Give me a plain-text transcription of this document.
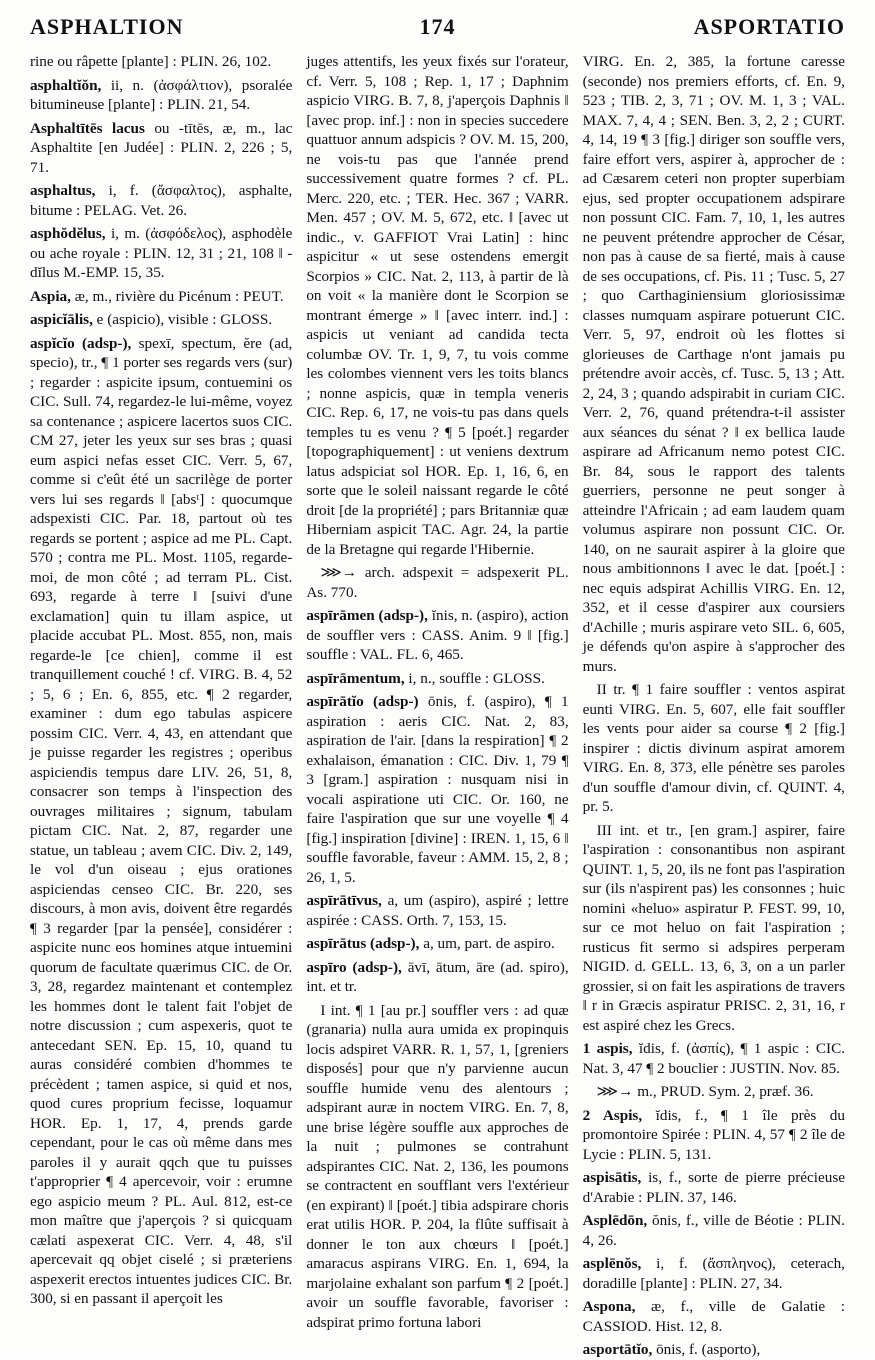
ASPHALTION	174	ASPORTATIO

rine ou râpette [plante] : PLIN. 26, 102.

asphaltĭŏn, ii, n. (ἀσφάλτιον), psoralée bitumineuse [plante] : PLIN. 21, 54.

Asphaltītēs lacus ou -tītēs, æ, m., lac Asphaltite [en Judée] : PLIN. 2, 226 ; 5, 71.

asphaltus, i, f. (ἄσφαλτος), asphalte, bitume : PELAG. Vet. 26.

asphŏdĕlus, i, m. (ἀσφόδελος), asphodèle ou ache royale : PLIN. 12, 31 ; 21, 108 ‖ -dĭlus M.-EMP. 15, 35.

Aspia, æ, m., rivière du Picénum : PEUT.

aspicĭālis, e (aspicio), visible : GLOSS.

aspĭcĭo (adsp-), spexī, spectum, ĕre (ad, specio), tr., ¶ 1 porter ses regards vers (sur) ; regarder : aspicite ipsum, contuemini os CIC. Sull. 74, regardez-le lui-même, voyez sa contenance ; aspicere lacertos suos CIC. CM 27, jeter les yeux sur ses bras ; quasi eum aspici nefas esset CIC. Verr. 5, 67, comme si c'eût été un sacrilège de porter vers lui ses regards ‖ [absᵗ] : quocumque adspexisti CIC. Par. 18, partout où tes regards se portent ; aspice ad me PL. Capt. 570 ; contra me PL. Most. 1105, regarde-moi, de mon côté ; ad terram PL. Cist. 693, regarde à terre ‖ [suivi d'une exclamation] quin tu illam aspice, ut placide accubat PL. Most. 855, non, mais regarde-le [ce chien], comme il est tranquillement couché ! cf. VIRG. B. 4, 52 ; 5, 6 ; En. 6, 855, etc. ¶ 2 regarder, examiner : dum ego tabulas aspicere possim CIC. Verr. 4, 43, en attendant que je puisse regarder les registres ; operibus aspiciendis tempus dare LIV. 26, 51, 8, consacrer son temps à l'inspection des ouvrages militaires ; signum, tabulam pictam CIC. Nat. 2, 87, regarder une statue, un tableau ; avem CIC. Div. 2, 149, le vol d'un oiseau ; ejus orationes aspiciendas censeo CIC. Br. 220, ses discours, à mon avis, doivent être regardés ¶ 3 regarder [par la pensée], considérer : aspicite nunc eos homines atque intuemini quorum de facultate quærimus CIC. de Or. 3, 28, regardez maintenant et contemplez les hommes dont le talent fait l'objet de notre discussion ; cum aspexeris, quot te antecedant SEN. Ep. 15, 10, quand tu auras considéré combien d'hommes te précèdent ; tamen aspice, si quid et nos, quod cures proprium fecisse, loquamur HOR. Ep. 1, 17, 4, prends garde cependant, pour le cas où même dans mes paroles il y aurait qqch que tu puisses t'approprier ¶ 4 apercevoir, voir : erumne ego aspicio meum ? PL. Aul. 812, est-ce mon maître que j'aperçois ? si quicquam cælati aspexerat CIC. Verr. 4, 48, s'il apercevait qq objet ciselé ; si præteriens aspexerit erectos intuentes judices CIC. Br. 300, si en passant il aperçoit les

juges attentifs, les yeux fixés sur l'orateur, cf. Verr. 5, 108 ; Rep. 1, 17 ; Daphnim aspicio VIRG. B. 7, 8, j'aperçois Daphnis ‖ [avec prop. inf.] : non in species succedere quattuor annum adspicis ? OV. M. 15, 200, ne vois-tu pas que l'année prend successivement quatre formes ? cf. PL. Merc. 220, etc. ; TER. Hec. 367 ; VARR. Men. 457 ; OV. M. 5, 672, etc. ‖ [avec ut indic., v. GAFFIOT Vrai Latin] : hinc aspicitur « ut sese ostendens emergit Scorpios » CIC. Nat. 2, 113, à partir de là on voit « la manière dont le Scorpion se montrant émerge » ‖ [avec interr. ind.] : aspicis ut veniant ad candida tecta columbæ OV. Tr. 1, 9, 7, tu vois comme les colombes viennent vers les toits blancs ; nonne aspicis, quæ in templa veneris CIC. Rep. 6, 17, ne vois-tu pas dans quels temples tu es venu ? ¶ 5 [poét.] regarder [topographiquement] : ut veniens dextrum latus adspiciat sol HOR. Ep. 1, 16, 6, en sorte que le soleil naissant regarde le côté droit [de la propriété] ; pars Britanniæ quæ Hiberniam aspicit TAC. Agr. 24, la partie de la Bretagne qui regarde l'Hibernie.

⋙→ arch. adspexit = adspexerit PL. As. 770.

aspīrāmen (adsp-), ĭnis, n. (aspiro), action de souffler vers : CASS. Anim. 9 ‖ [fig.] souffle : VAL. FL. 6, 465.

aspīrāmentum, i, n., souffle : GLOSS.

aspīrātĭo (adsp-) ōnis, f. (aspiro), ¶ 1 aspiration : aeris CIC. Nat. 2, 83, aspiration de l'air. [dans la respiration] ¶ 2 exhalaison, émanation : CIC. Div. 1, 79 ¶ 3 [gram.] aspiration : nusquam nisi in vocali aspiratione uti CIC. Or. 160, ne faire l'aspiration que sur une voyelle ¶ 4 [fig.] inspiration [divine] : IREN. 1, 15, 6 ‖ souffle favorable, faveur : AMM. 15, 2, 8 ; 26, 1, 5.

aspīrātīvus, a, um (aspiro), aspiré ; lettre aspirée : CASS. Orth. 7, 153, 15.

aspīrātus (adsp-), a, um, part. de aspiro.

aspīro (adsp-), āvī, ātum, āre (ad. spiro), int. et tr.

I int. ¶ 1 [au pr.] souffler vers : ad quæ (granaria) nulla aura umida ex propinquis locis adspiret VARR. R. 1, 57, 1, [greniers disposés] pour que n'y parvienne aucun souffle humide venu des alentours ; adspirant auræ in noctem VIRG. En. 7, 8, une brise légère souffle aux approches de la nuit ; pulmones se contrahunt adspirantes CIC. Nat. 2, 136, les poumons se contractent en soufflant vers l'extérieur (en expirant) ‖ [poét.] tibia adspirare choris erat utilis HOR. P. 204, la flûte suffisait à donner le ton aux chœurs ‖ [poét.] amaracus aspirans VIRG. En. 1, 694, la marjolaine exhalant son parfum ¶ 2 [poét.] avoir un souffle favorable, favoriser : adspirat primo fortuna labori

VIRG. En. 2, 385, la fortune caresse (seconde) nos premiers efforts, cf. En. 9, 523 ; TIB. 2, 3, 71 ; OV. M. 1, 3 ; VAL. MAX. 7, 4, 4 ; SEN. Ben. 3, 2, 2 ; CURT. 4, 14, 19 ¶ 3 [fig.] diriger son souffle vers, faire effort vers, aspirer à, approcher de : ad Cæsarem ceteri non propter superbiam ejus, sed propter occupationem adspirare non possunt CIC. Fam. 7, 10, 1, les autres ne peuvent prétendre approcher de César, non pas à cause de sa fierté, mais à cause de ses occupations, cf. Pis. 11 ; Tusc. 5, 27 ; quo Carthaginiensium gloriosissimæ classes numquam aspirare potuerunt CIC. Verr. 5, 97, endroit où les flottes si glorieuses de Carthage n'ont jamais pu prétendre avoir accès, cf. Tusc. 5, 13 ; Att. 2, 24, 3 ; quando adspirabit in curiam CIC. Verr. 2, 76, quand prétendra-t-il assister aux séances du sénat ? ‖ ex bellica laude aspirare ad Africanum nemo potest CIC. Br. 84, sous le rapport des talents guerriers, personne ne peut songer à atteindre l'Africain ; ad eam laudem quam volumus aspirare non possunt CIC. Or. 140, on ne saurait aspirer à la gloire que nous ambitionnons ‖ avec le dat. [poét.] : nec equis adspirat Achillis VIRG. En. 12, 352, et il cesse d'aspirer aux coursiers d'Achille ; muris aspirare veto SIL. 6, 605, je défends qu'on aspire à s'approcher des murs.

II tr. ¶ 1 faire souffler : ventos aspirat eunti VIRG. En. 5, 607, elle fait souffler les vents pour aider sa course ¶ 2 [fig.] inspirer : dictis divinum aspirat amorem VIRG. En. 8, 373, elle pénètre ses paroles d'un souffle d'amour divin, cf. QUINT. 4, pr. 5.

III int. et tr., [en gram.] aspirer, faire l'aspiration : consonantibus non aspirant QUINT. 1, 5, 20, ils ne font pas l'aspiration sur (ils n'aspirent pas) les consonnes ; huic nomini «heluo» aspiratur P. FEST. 99, 10, sur ce mot heluo on fait l'aspiration ; rusticus fit sermo si adspires perperam NIGID. d. GELL. 13, 6, 3, on a un parler grossier, si on fait les aspirations de travers ‖ r in Græcis aspiratur PRISC. 2, 31, 16, r est aspiré chez les Grecs.

1 aspis, ĭdis, f. (ἀσπίς), ¶ 1 aspic : CIC. Nat. 3, 47 ¶ 2 bouclier : JUSTIN. Nov. 85.

⋙→ m., PRUD. Sym. 2, præf. 36.

2 Aspis, ĭdis, f., ¶ 1 île près du promontoire Spirée : PLIN. 4, 57 ¶ 2 île de Lycie : PLIN. 5, 131.

aspisātis, is, f., sorte de pierre précieuse d'Arabie : PLIN. 37, 146.

Asplēdōn, ŏnis, f., ville de Béotie : PLIN. 4, 26.

asplēnŏs, i, f. (ἄσπληνος), ceterach, doradille [plante] : PLIN. 27, 34.

Aspona, æ, f., ville de Galatie : CASSIOD. Hist. 12, 8.

asportātĭo, ōnis, f. (asporto),
